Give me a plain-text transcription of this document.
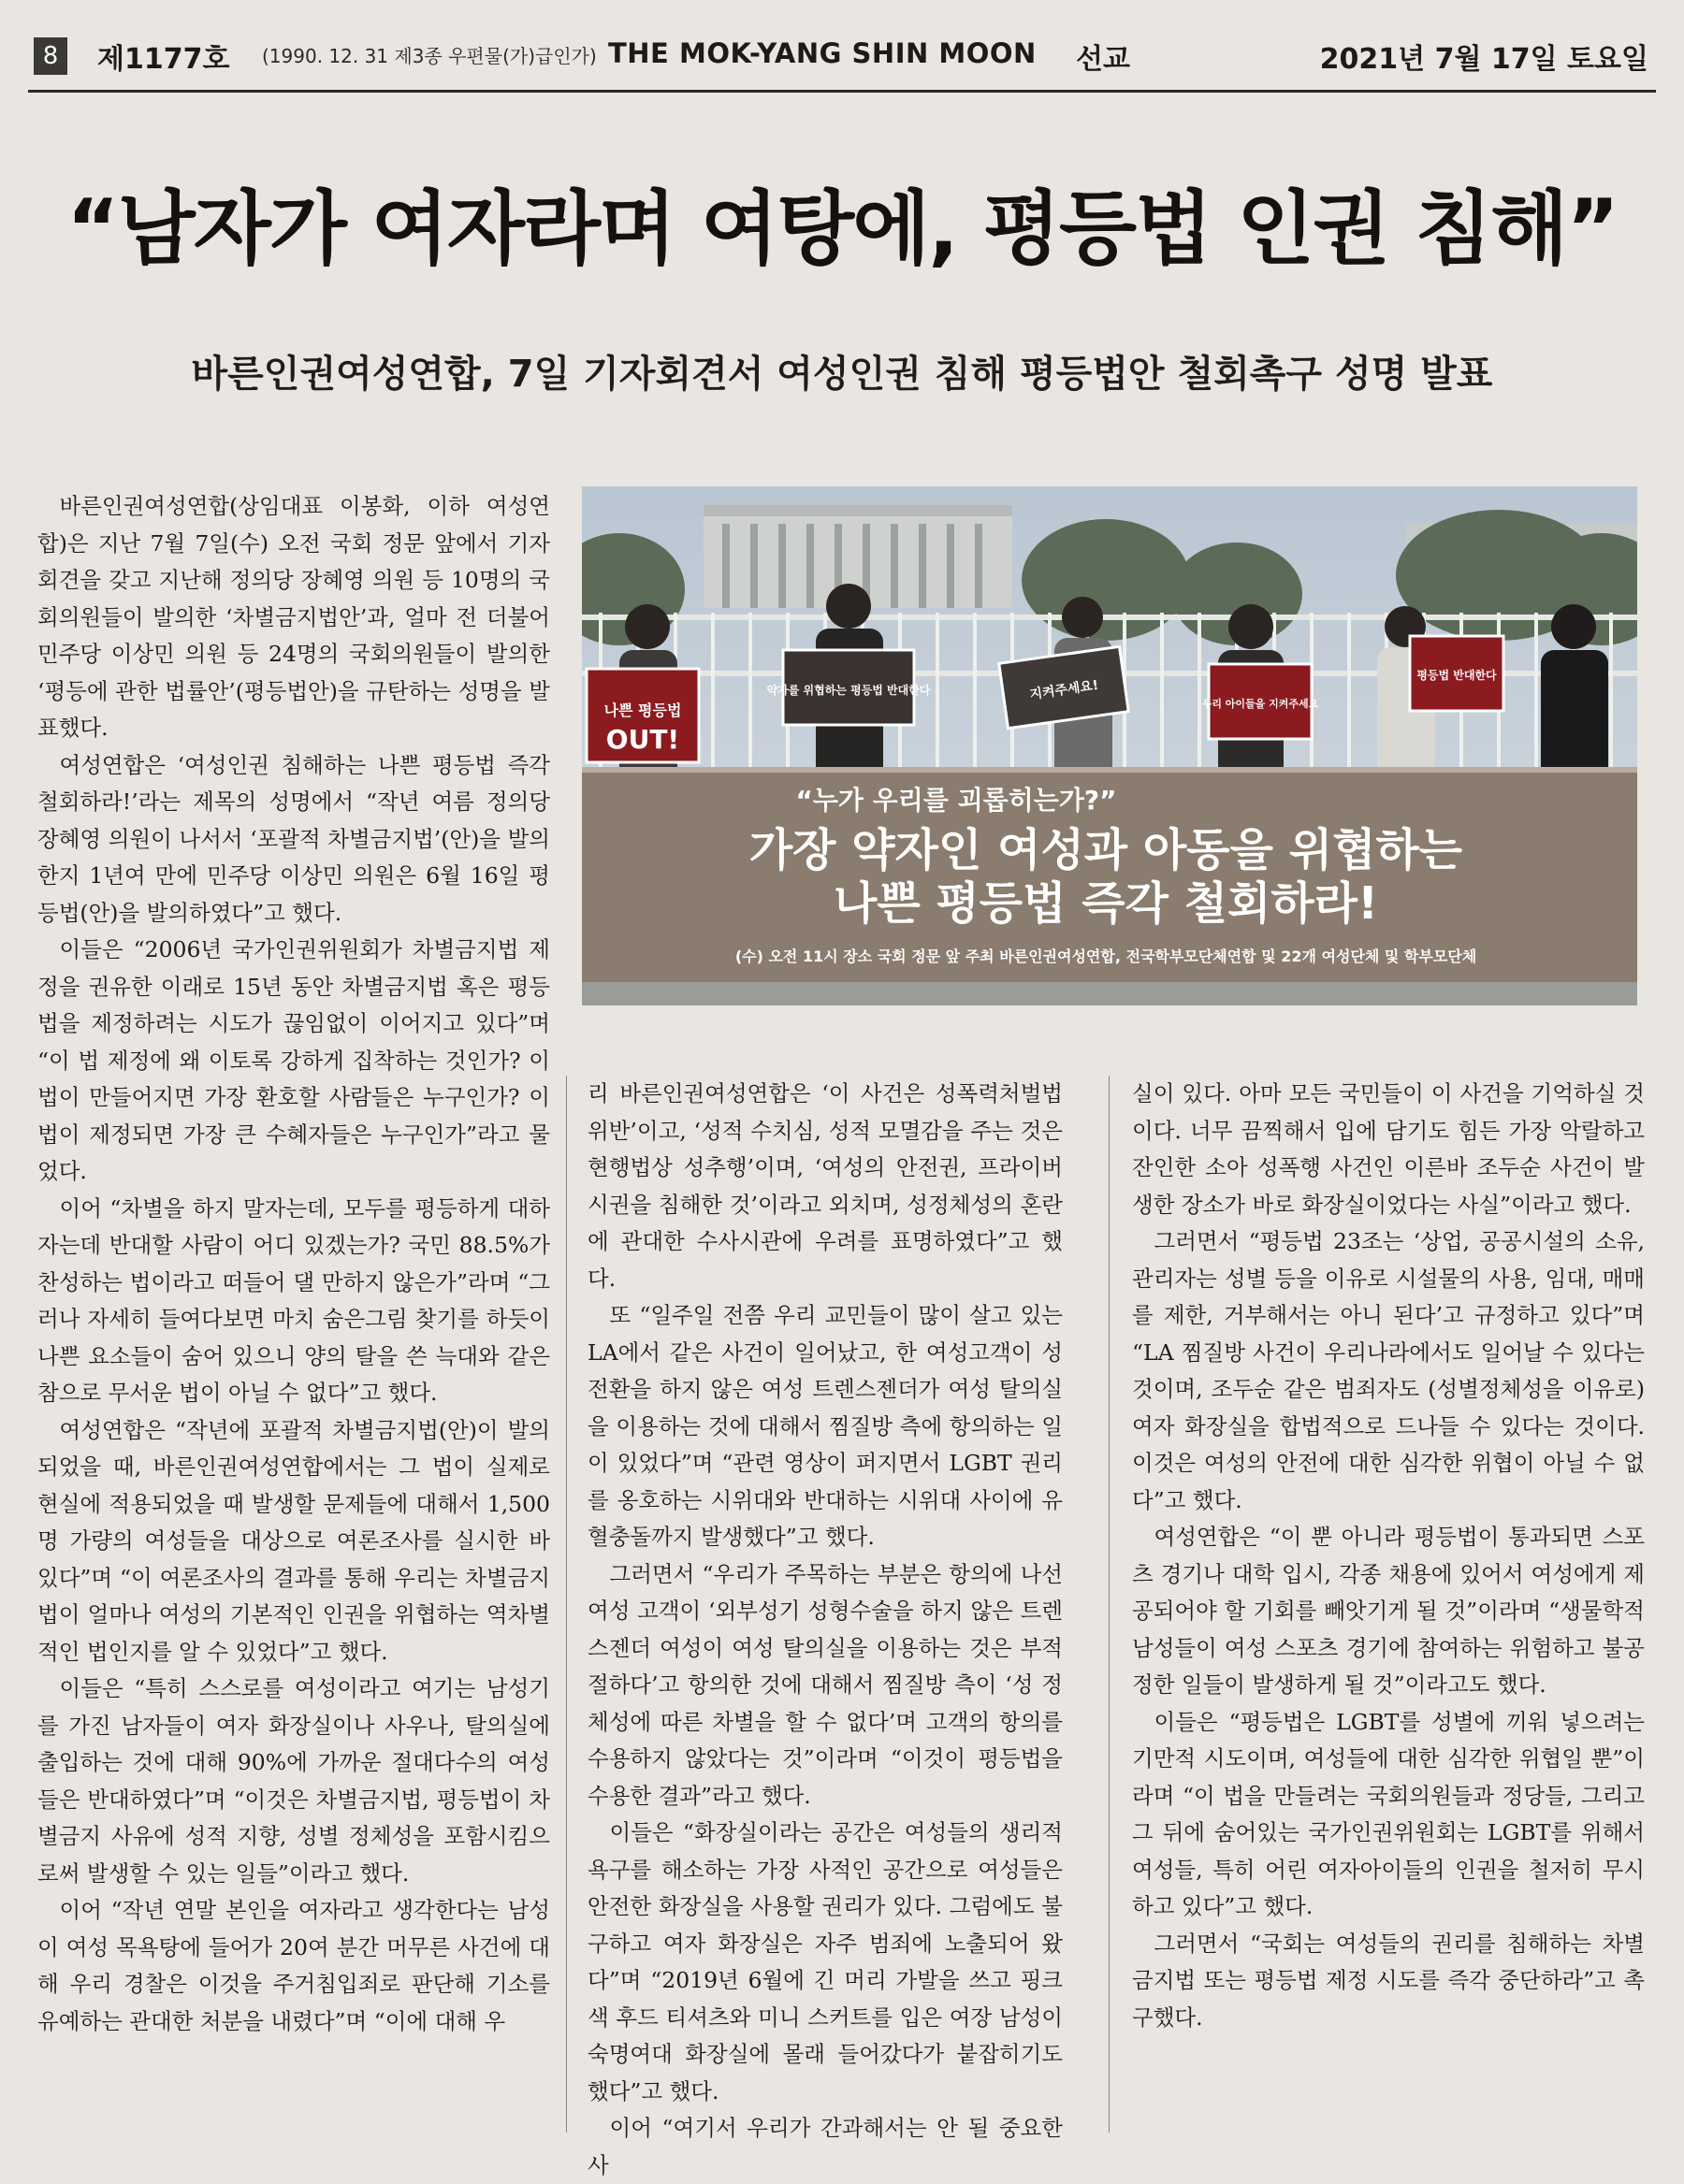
8	제1177호 (1990. 12. 31 제3종 우편물(가)급인가) THE MOK-YANG SHIN MOON 선교	2021년 7월 17일 토요일
“남자가 여자라며 여탕에, 평등법 인권 침해”
바른인권여성연합, 7일 기자회견서 여성인권 침해 평등법안 철회촉구 성명 발표

바른인권여성연합(상임대표 이봉화, 이하 여성연합)은 지난 7월 7일(수) 오전 국회 정문 앞에서 기자회견을 갖고 지난해 정의당 장혜영 의원 등 10명의 국회의원들이 발의한 ‘차별금지법안’과, 얼마 전 더불어민주당 이상민 의원 등 24명의 국회의원들이 발의한 ‘평등에 관한 법률안’(평등법안)을 규탄하는 성명을 발표했다.

여성연합은 ‘여성인권 침해하는 나쁜 평등법 즉각 철회하라!’라는 제목의 성명에서 “작년 여름 정의당 장혜영 의원이 나서서 ‘포괄적 차별금지법’(안)을 발의한지 1년여 만에 민주당 이상민 의원은 6월 16일 평등법(안)을 발의하였다”고 했다.

이들은 “2006년 국가인권위원회가 차별금지법 제정을 권유한 이래로 15년 동안 차별금지법 혹은 평등법을 제정하려는 시도가 끊임없이 이어지고 있다”며 “이 법 제정에 왜 이토록 강하게 집착하는 것인가? 이 법이 만들어지면 가장 환호할 사람들은 누구인가? 이 법이 제정되면 가장 큰 수혜자들은 누구인가”라고 물었다.

이어 “차별을 하지 말자는데, 모두를 평등하게 대하자는데 반대할 사람이 어디 있겠는가? 국민 88.5%가 찬성하는 법이라고 떠들어 댈 만하지 않은가”라며 “그러나 자세히 들여다보면 마치 숨은그림 찾기를 하듯이 나쁜 요소들이 숨어 있으니 양의 탈을 쓴 늑대와 같은 참으로 무서운 법이 아닐 수 없다”고 했다.

여성연합은 “작년에 포괄적 차별금지법(안)이 발의되었을 때, 바른인권여성연합에서는 그 법이 실제로 현실에 적용되었을 때 발생할 문제들에 대해서 1,500명 가량의 여성들을 대상으로 여론조사를 실시한 바 있다”며 “이 여론조사의 결과를 통해 우리는 차별금지법이 얼마나 여성의 기본적인 인권을 위협하는 역차별적인 법인지를 알 수 있었다”고 했다.

이들은 “특히 스스로를 여성이라고 여기는 남성기를 가진 남자들이 여자 화장실이나 사우나, 탈의실에 출입하는 것에 대해 90%에 가까운 절대다수의 여성들은 반대하였다”며 “이것은 차별금지법, 평등법이 차별금지 사유에 성적 지향, 성별 정체성을 포함시킴으로써 발생할 수 있는 일들”이라고 했다.

이어 “작년 연말 본인을 여자라고 생각한다는 남성이 여성 목욕탕에 들어가 20여 분간 머무른 사건에 대해 우리 경찰은 이것을 주거침입죄로 판단해 기소를 유예하는 관대한 처분을 내렸다”며 “이에 대해 우

나쁜 평등법
OUT!
약자를 위협하는 평등법 반대한다	지켜주세요!
우리 아이들을 지켜주세요
평등법 반대한다
“누가 우리를 괴롭히는가?”
가장 약자인 여성과 아동을 위협하는
나쁜 평등법 즉각 철회하라!
(수) 오전 11시 장소 국회 정문 앞 주최 바른인권여성연합, 전국학부모단체연합 및 22개 여성단체 및 학부모단체

리 바른인권여성연합은 ‘이 사건은 성폭력처벌법 위반’이고, ‘성적 수치심, 성적 모멸감을 주는 것은 현행법상 성추행’이며, ‘여성의 안전권, 프라이버시권을 침해한 것’이라고 외치며, 성정체성의 혼란에 관대한 수사시관에 우려를 표명하였다”고 했다.

또 “일주일 전쯤 우리 교민들이 많이 살고 있는 LA에서 같은 사건이 일어났고, 한 여성고객이 성전환을 하지 않은 여성 트렌스젠더가 여성 탈의실을 이용하는 것에 대해서 찜질방 측에 항의하는 일이 있었다”며 “관련 영상이 퍼지면서 LGBT 권리를 옹호하는 시위대와 반대하는 시위대 사이에 유혈충돌까지 발생했다”고 했다.

그러면서 “우리가 주목하는 부분은 항의에 나선 여성 고객이 ‘외부성기 성형수술을 하지 않은 트렌스젠더 여성이 여성 탈의실을 이용하는 것은 부적절하다’고 항의한 것에 대해서 찜질방 측이 ‘성 정체성에 따른 차별을 할 수 없다’며 고객의 항의를 수용하지 않았다는 것”이라며 “이것이 평등법을 수용한 결과”라고 했다.

이들은 “화장실이라는 공간은 여성들의 생리적 욕구를 해소하는 가장 사적인 공간으로 여성들은 안전한 화장실을 사용할 권리가 있다. 그럼에도 불구하고 여자 화장실은 자주 범죄에 노출되어 왔다”며 “2019년 6월에 긴 머리 가발을 쓰고 핑크색 후드 티셔츠와 미니 스커트를 입은 여장 남성이 숙명여대 화장실에 몰래 들어갔다가 붙잡히기도 했다”고 했다.

이어 “여기서 우리가 간과해서는 안 될 중요한 사

실이 있다. 아마 모든 국민들이 이 사건을 기억하실 것이다. 너무 끔찍해서 입에 담기도 힘든 가장 악랄하고 잔인한 소아 성폭행 사건인 이른바 조두순 사건이 발생한 장소가 바로 화장실이었다는 사실”이라고 했다.

그러면서 “평등법 23조는 ‘상업, 공공시설의 소유, 관리자는 성별 등을 이유로 시설물의 사용, 임대, 매매를 제한, 거부해서는 아니 된다’고 규정하고 있다”며 “LA 찜질방 사건이 우리나라에서도 일어날 수 있다는 것이며, 조두순 같은 범죄자도 (성별정체성을 이유로) 여자 화장실을 합법적으로 드나들 수 있다는 것이다. 이것은 여성의 안전에 대한 심각한 위협이 아닐 수 없다”고 했다.

여성연합은 “이 뿐 아니라 평등법이 통과되면 스포츠 경기나 대학 입시, 각종 채용에 있어서 여성에게 제공되어야 할 기회를 빼앗기게 될 것”이라며 “생물학적 남성들이 여성 스포츠 경기에 참여하는 위험하고 불공정한 일들이 발생하게 될 것”이라고도 했다.

이들은 “평등법은 LGBT를 성별에 끼워 넣으려는 기만적 시도이며, 여성들에 대한 심각한 위협일 뿐”이라며 “이 법을 만들려는 국회의원들과 정당들, 그리고 그 뒤에 숨어있는 국가인권위원회는 LGBT를 위해서 여성들, 특히 어린 여자아이들의 인권을 철저히 무시하고 있다”고 했다.

그러면서 “국회는 여성들의 권리를 침해하는 차별금지법 또는 평등법 제정 시도를 즉각 중단하라”고 촉구했다.
